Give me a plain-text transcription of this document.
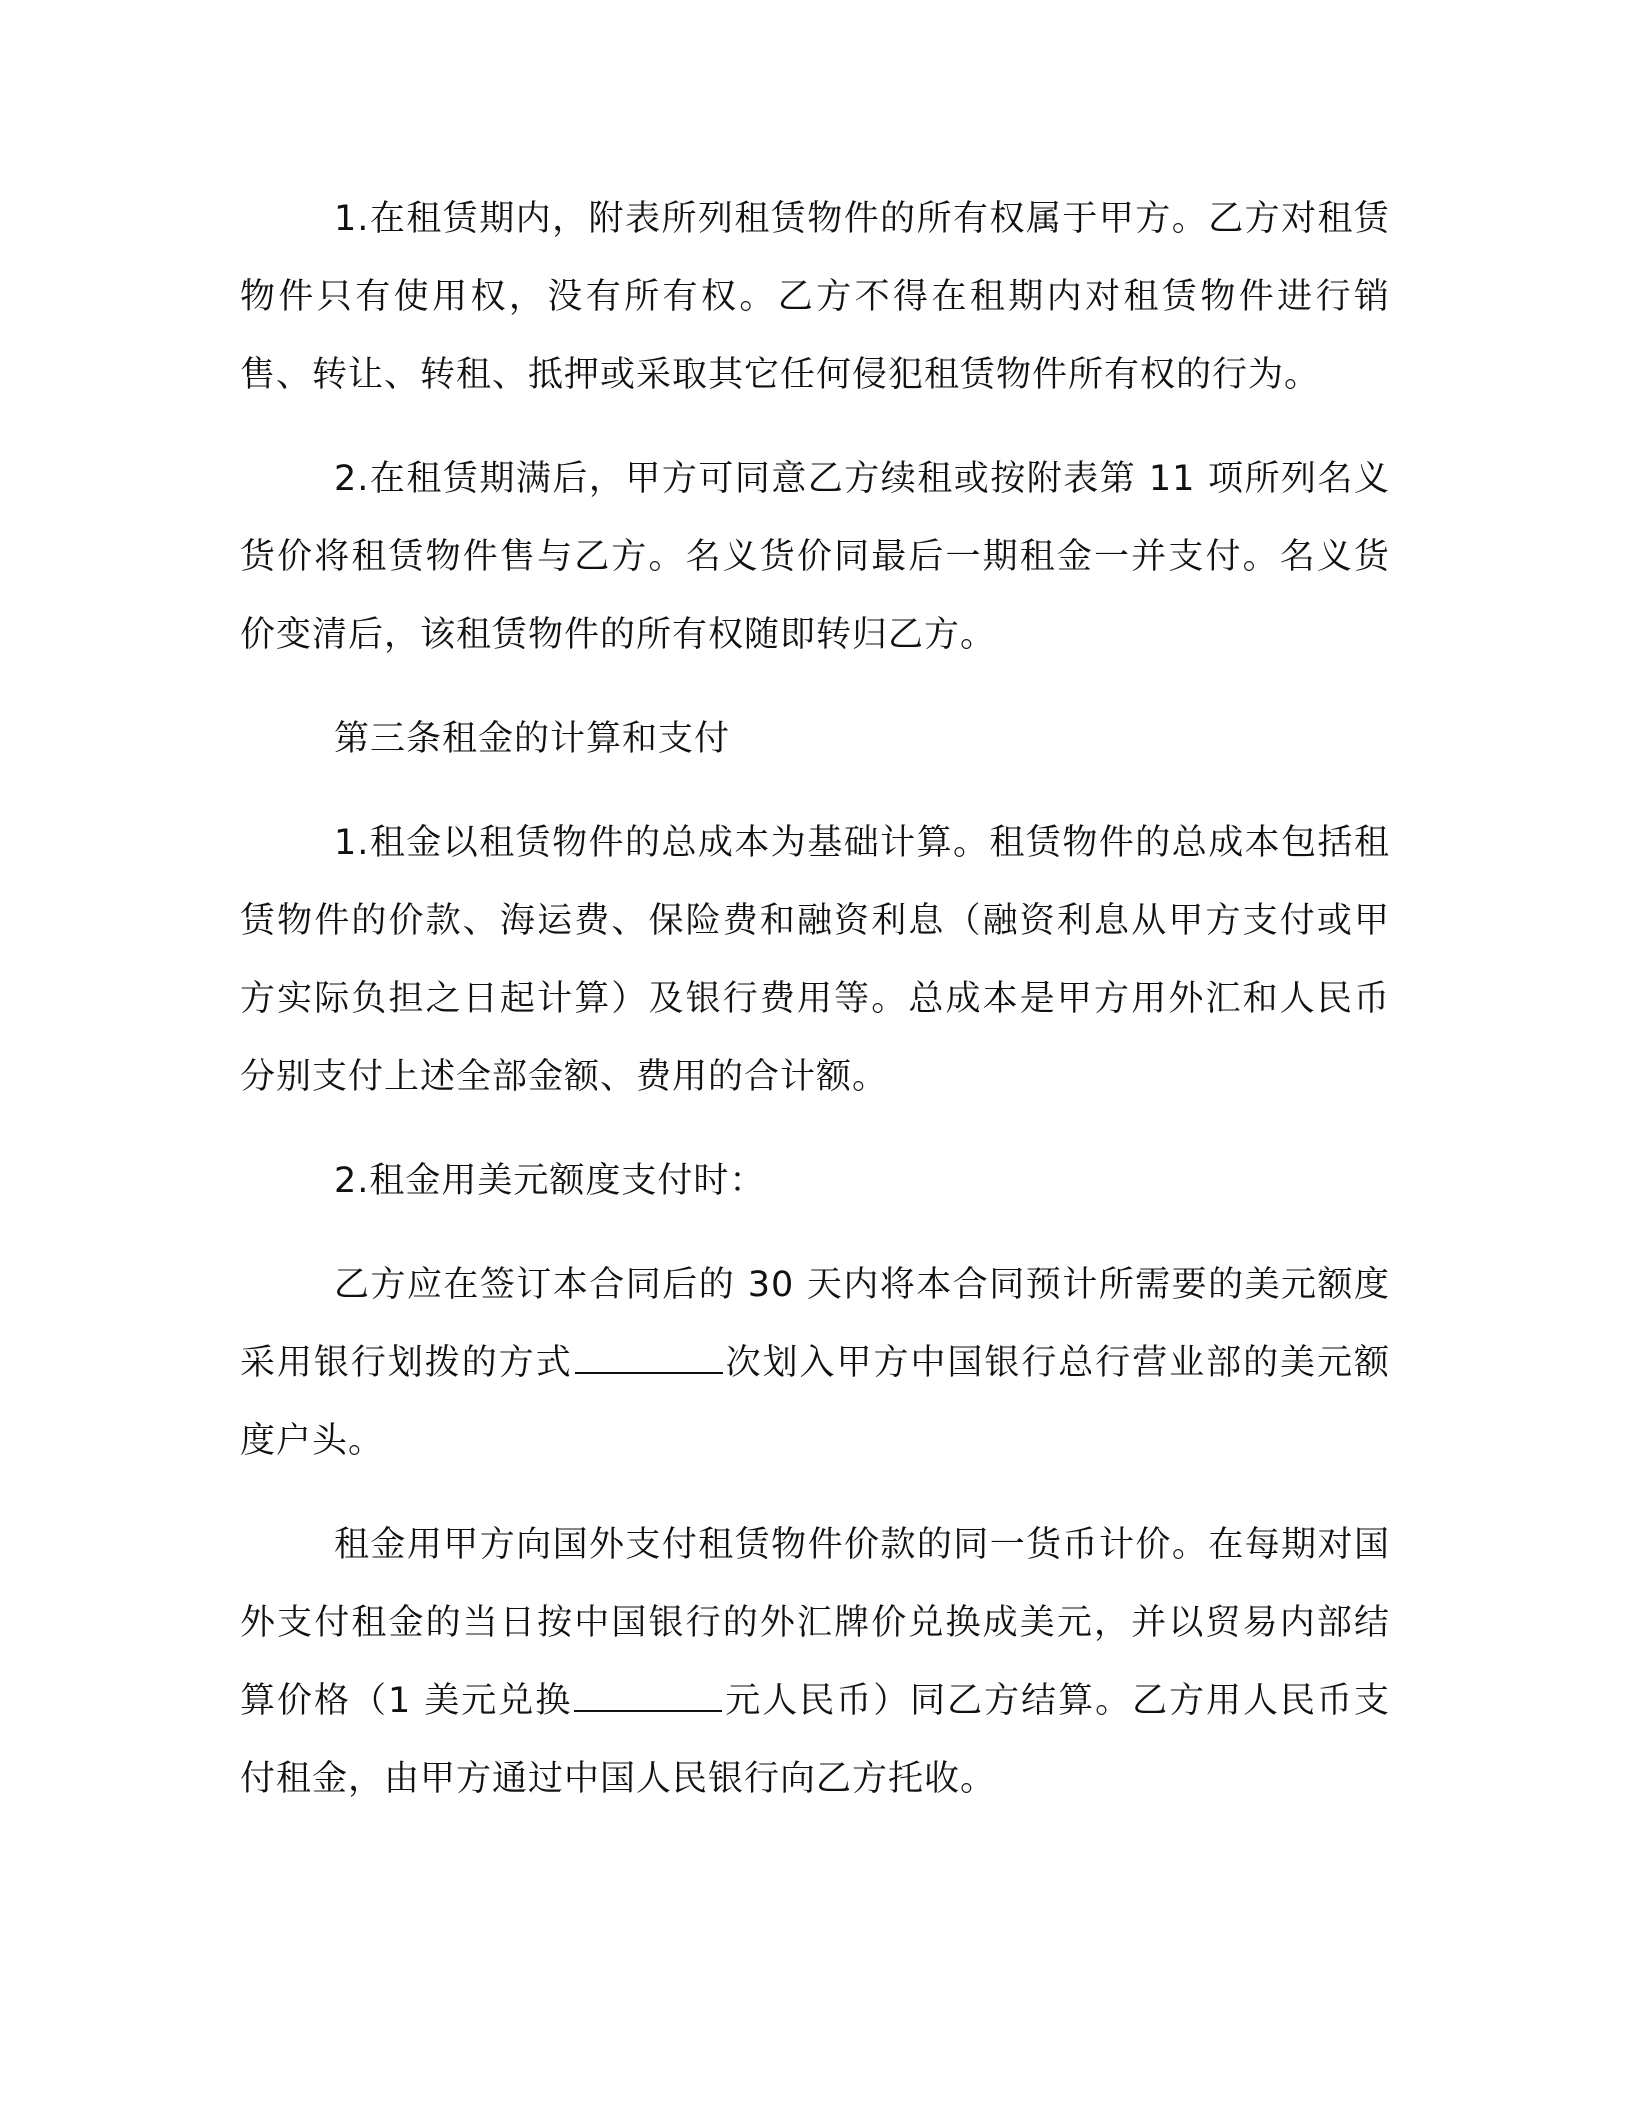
1.在租赁期内，附表所列租赁物件的所有权属于甲方。乙方对租赁物件只有使用权，没有所有权。乙方不得在租期内对租赁物件进行销售、转让、转租、抵押或采取其它任何侵犯租赁物件所有权的行为。

2.在租赁期满后，甲方可同意乙方续租或按附表第 11 项所列名义货价将租赁物件售与乙方。名义货价同最后一期租金一并支付。名义货价变清后，该租赁物件的所有权随即转归乙方。

第三条租金的计算和支付

1.租金以租赁物件的总成本为基础计算。租赁物件的总成本包括租赁物件的价款、海运费、保险费和融资利息（融资利息从甲方支付或甲方实际负担之日起计算）及银行费用等。总成本是甲方用外汇和人民币分别支付上述全部金额、费用的合计额。

2.租金用美元额度支付时：

乙方应在签订本合同后的 30 天内将本合同预计所需要的美元额度采用银行划拨的方式	次划入甲方中国银行总行营业部的美元额度户头。

租金用甲方向国外支付租赁物件价款的同一货币计价。在每期对国外支付租金的当日按中国银行的外汇牌价兑换成美元，并以贸易内部结算价格（1 美元兑换	元人民币）同乙方结算。乙方用人民币支付租金，由甲方通过中国人民银行向乙方托收。
